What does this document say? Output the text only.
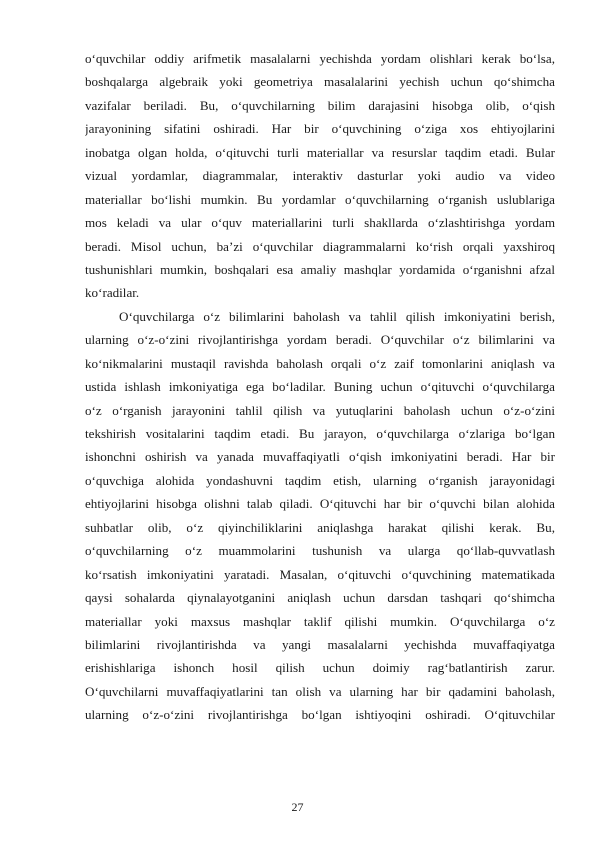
o‘quvchilar oddiy arifmetik masalalarni yechishda yordam olishlari kerak bo‘lsa,
boshqalarga algebraik yoki geometriya masalalarini yechish uchun qo‘shimcha
vazifalar beriladi. Bu, o‘quvchilarning bilim darajasini hisobga olib, o‘qish
jarayonining sifatini oshiradi. Har bir o‘quvchining o‘ziga xos ehtiyojlarini
inobatga olgan holda, o‘qituvchi turli materiallar va resurslar taqdim etadi. Bular
vizual yordamlar, diagrammalar, interaktiv dasturlar yoki audio va video
materiallar bo‘lishi mumkin. Bu yordamlar o‘quvchilarning o‘rganish uslublariga
mos keladi va ular o‘quv materiallarini turli shakllarda o‘zlashtirishga yordam
beradi. Misol uchun, ba’zi o‘quvchilar diagrammalarni ko‘rish orqali yaxshiroq
tushunishlari mumkin, boshqalari esa amaliy mashqlar yordamida o‘rganishni afzal
ko‘radilar.
O‘quvchilarga o‘z bilimlarini baholash va tahlil qilish imkoniyatini berish,
ularning o‘z-o‘zini rivojlantirishga yordam beradi. O‘quvchilar o‘z bilimlarini va
ko‘nikmalarini mustaqil ravishda baholash orqali o‘z zaif tomonlarini aniqlash va
ustida ishlash imkoniyatiga ega bo‘ladilar. Buning uchun o‘qituvchi o‘quvchilarga
o‘z o‘rganish jarayonini tahlil qilish va yutuqlarini baholash uchun o‘z-o‘zini
tekshirish vositalarini taqdim etadi. Bu jarayon, o‘quvchilarga o‘zlariga bo‘lgan
ishonchni oshirish va yanada muvaffaqiyatli o‘qish imkoniyatini beradi. Har bir
o‘quvchiga alohida yondashuvni taqdim etish, ularning o‘rganish jarayonidagi
ehtiyojlarini hisobga olishni talab qiladi. O‘qituvchi har bir o‘quvchi bilan alohida
suhbatlar olib, o‘z qiyinchiliklarini aniqlashga harakat qilishi kerak. Bu,
o‘quvchilarning o‘z muammolarini tushunish va ularga qo‘llab-quvvatlash
ko‘rsatish imkoniyatini yaratadi. Masalan, o‘qituvchi o‘quvchining matematikada
qaysi sohalarda qiynalayotganini aniqlash uchun darsdan tashqari qo‘shimcha
materiallar yoki maxsus mashqlar taklif qilishi mumkin. O‘quvchilarga o‘z
bilimlarini rivojlantirishda va yangi masalalarni yechishda muvaffaqiyatga
erishishlariga ishonch hosil qilish uchun doimiy rag‘batlantirish zarur.
O‘quvchilarni muvaffaqiyatlarini tan olish va ularning har bir qadamini baholash,
ularning o‘z-o‘zini rivojlantirishga bo‘lgan ishtiyoqini oshiradi. O‘qituvchilar
27
